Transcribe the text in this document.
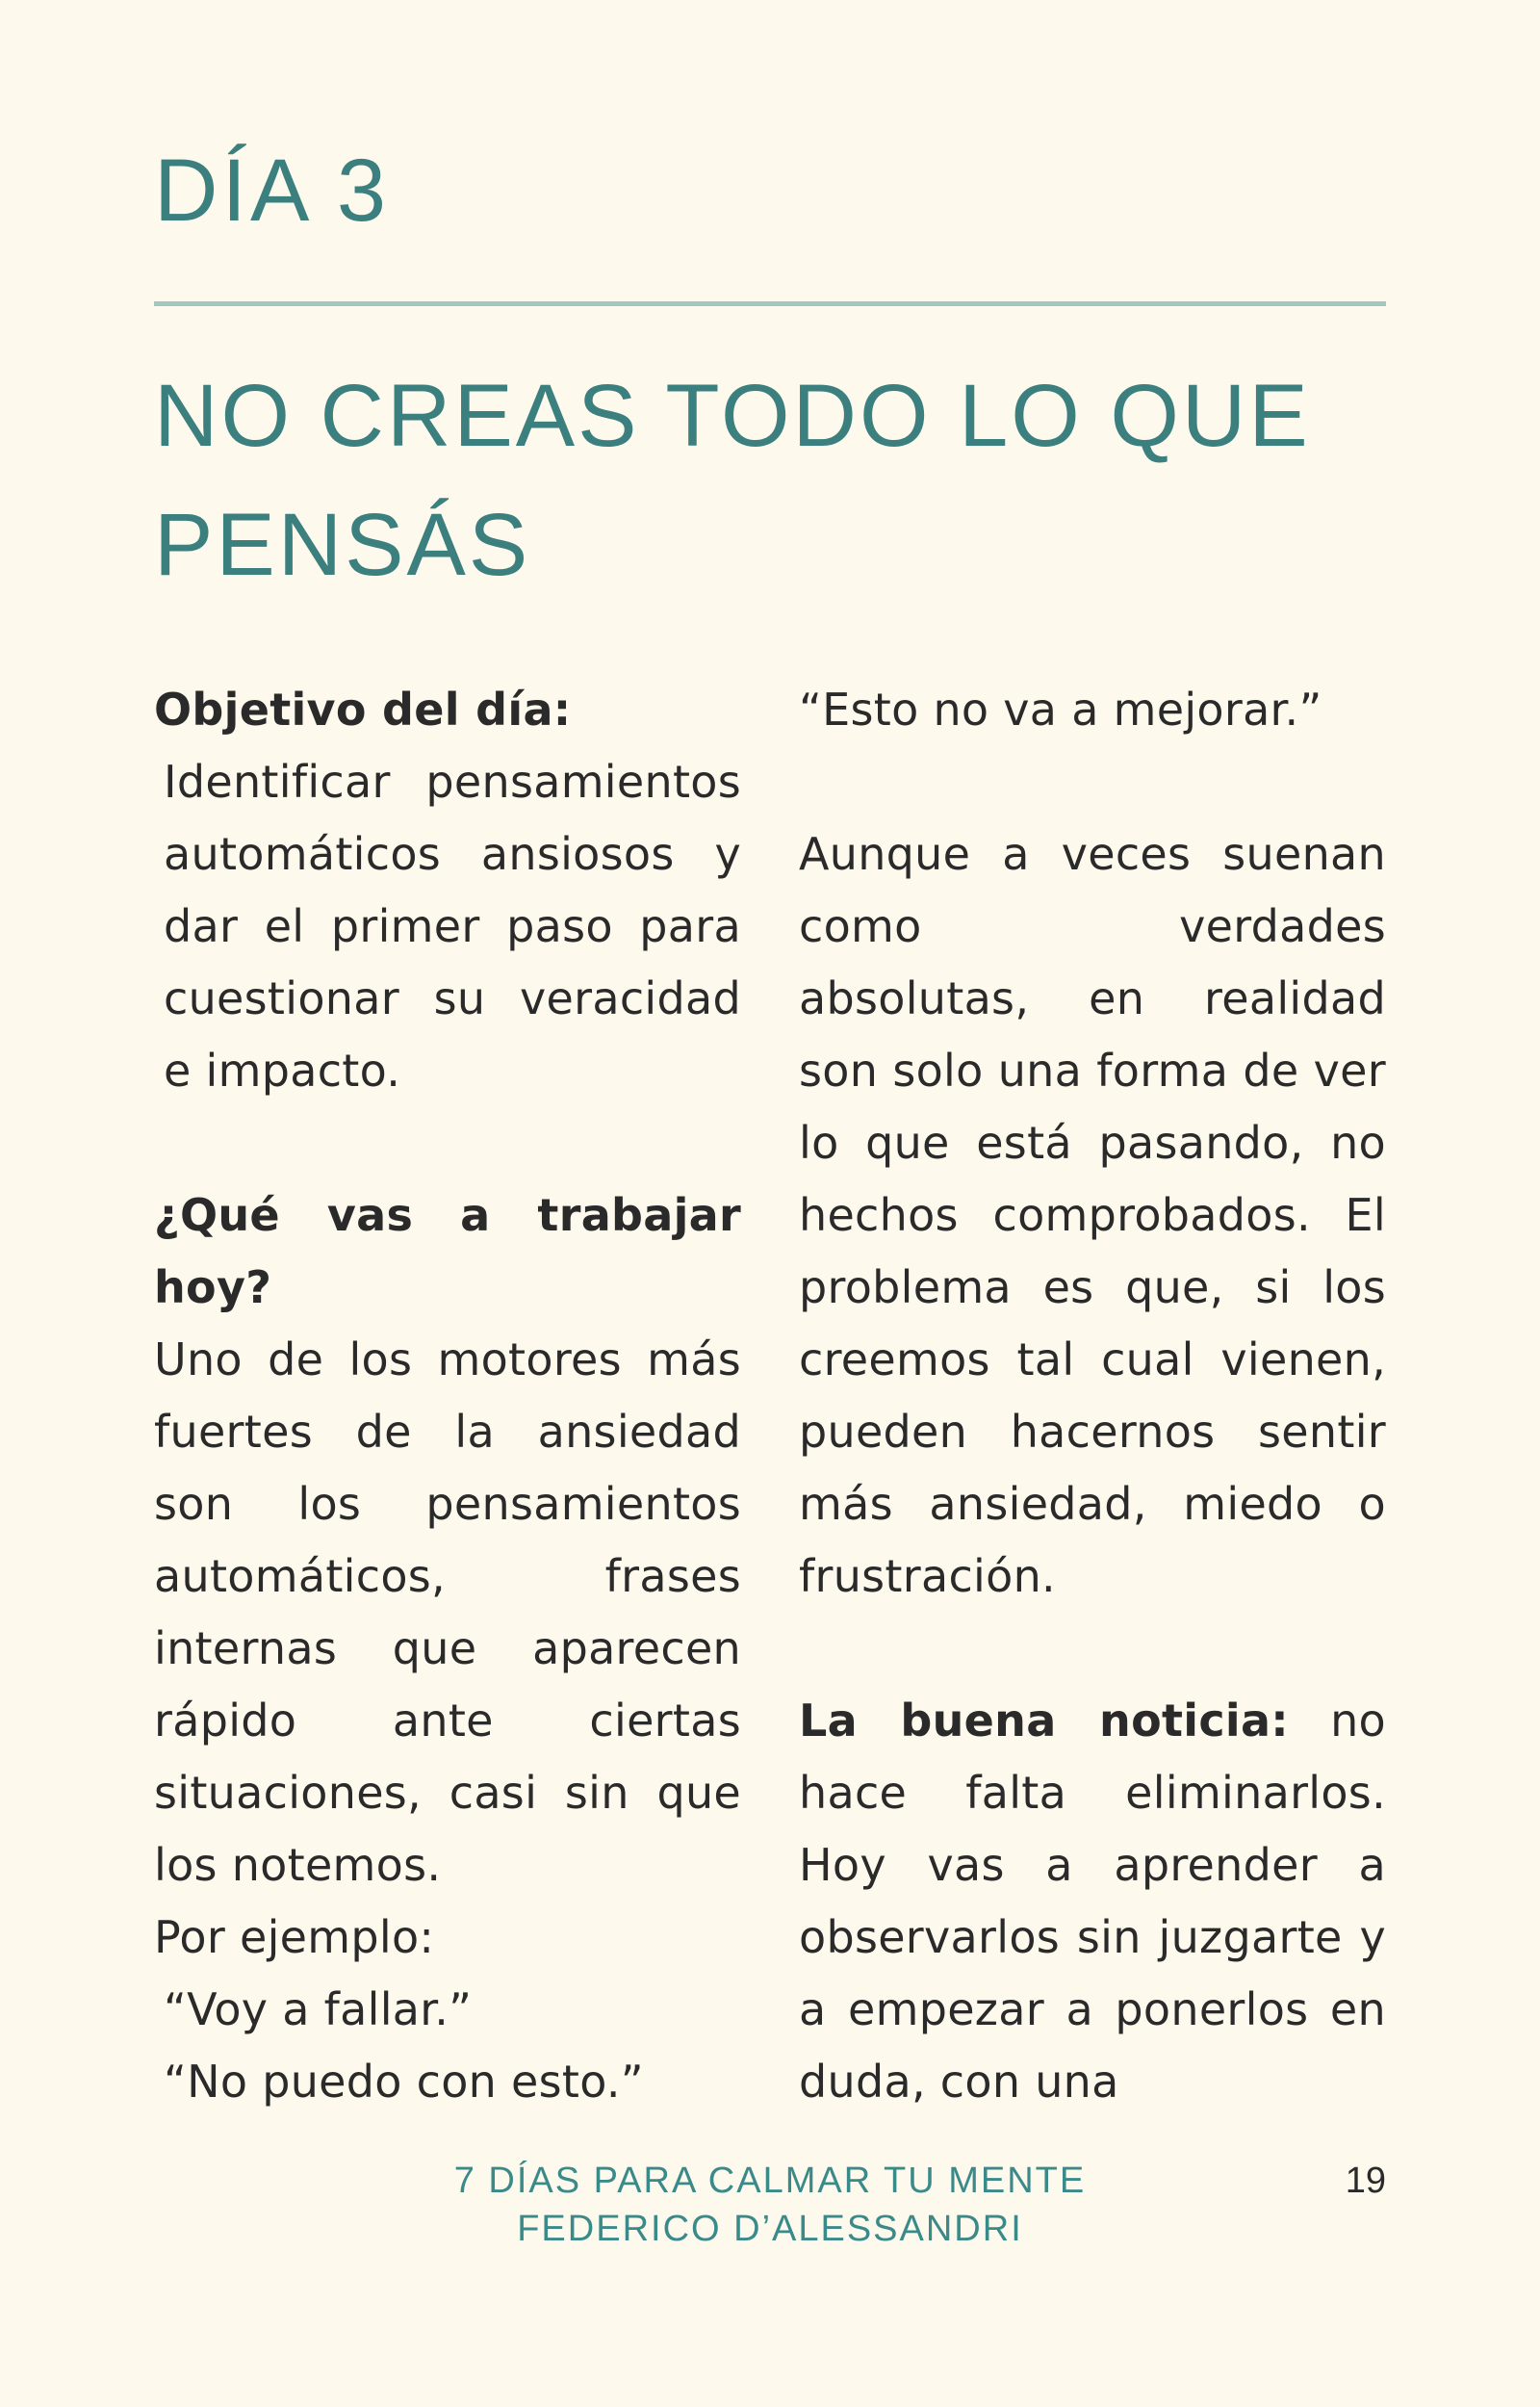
DÍA 3
NO CREAS TODO LO QUE PENSÁS

Objetivo del día:

Identificar pensamientos automáticos ansiosos y dar el primer paso para cuestionar su veracidad e impacto.

¿Qué vas a trabajar hoy?

Uno de los motores más fuertes de la ansiedad son los pensamientos automáticos, frases internas que aparecen rápido ante ciertas situaciones, casi sin que los notemos.

Por ejemplo:

“Voy a fallar.”

“No puedo con esto.”

“Esto no va a mejorar.”

Aunque a veces suenan como verdades absolutas, en realidad son solo una forma de ver lo que está pasando, no hechos comprobados. El problema es que, si los creemos tal cual vienen, pueden hacernos sentir más ansiedad, miedo o frustración.

La buena noticia: no hace falta eliminarlos. Hoy vas a aprender a observarlos sin juzgarte y a empezar a ponerlos en duda, con una

7 DÍAS PARA CALMAR TU MENTE
FEDERICO D’ALESSANDRI
19
